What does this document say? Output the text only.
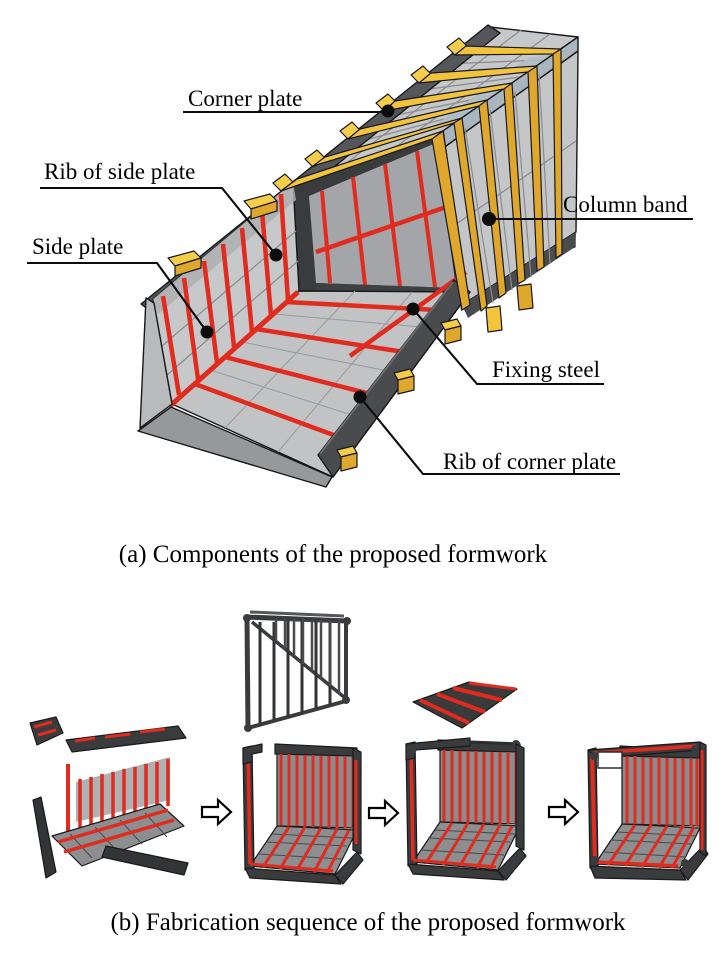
Corner plate
Rib of side plate
Side plate
Column band
Fixing steel
Rib of corner plate
(a) Components of the proposed formwork
(b) Fabrication sequence of the proposed formwork
